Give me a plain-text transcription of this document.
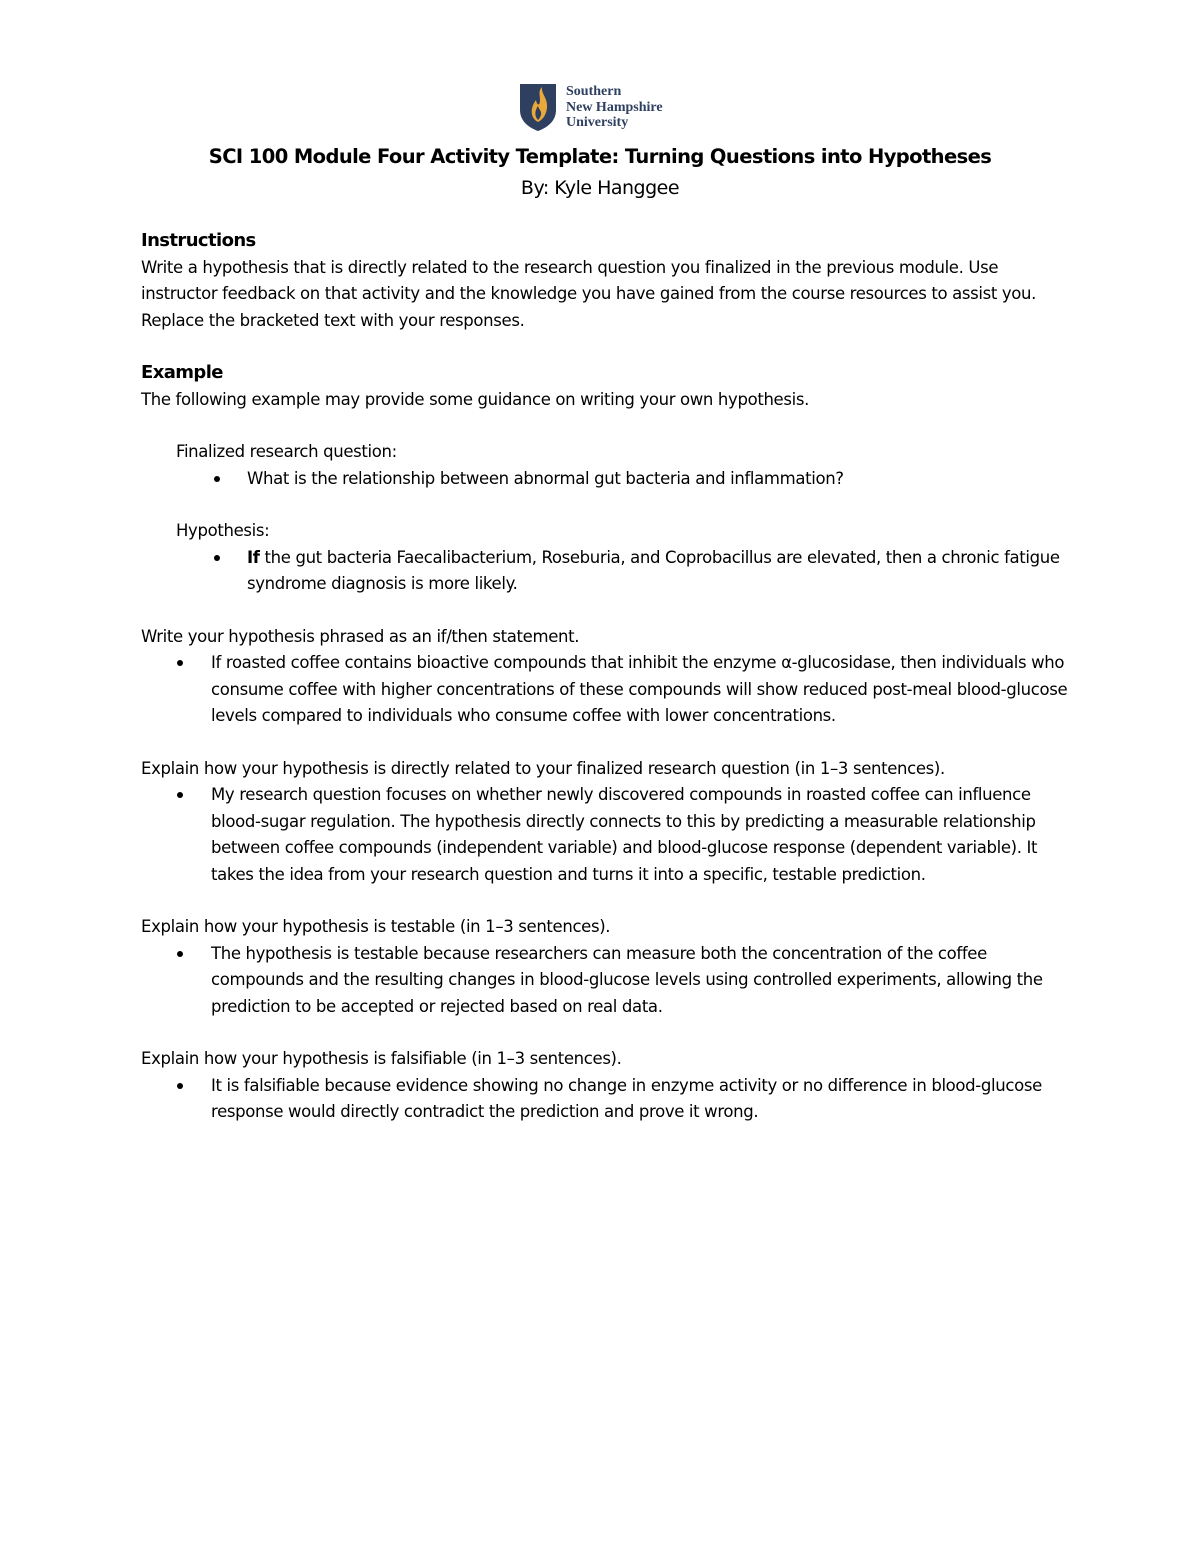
Southern
New Hampshire
University
SCI 100 Module Four Activity Template: Turning Questions into Hypotheses
By: Kyle Hanggee

Instructions

Write a hypothesis that is directly related to the research question you finalized in the previous module. Use instructor feedback on that activity and the knowledge you have gained from the course resources to assist you. Replace the bracketed text with your responses.

Example

The following example may provide some guidance on writing your own hypothesis.

Finalized research question:

What is the relationship between abnormal gut bacteria and inflammation?

Hypothesis:

If the gut bacteria Faecalibacterium, Roseburia, and Coprobacillus are elevated, then a chronic fatigue syndrome diagnosis is more likely.

Write your hypothesis phrased as an if/then statement.

If roasted coffee contains bioactive compounds that inhibit the enzyme α-glucosidase, then individuals who consume coffee with higher concentrations of these compounds will show reduced post-meal blood-glucose levels compared to individuals who consume coffee with lower concentrations.

Explain how your hypothesis is directly related to your finalized research question (in 1–3 sentences).

My research question focuses on whether newly discovered compounds in roasted coffee can influence blood-sugar regulation. The hypothesis directly connects to this by predicting a measurable relationship between coffee compounds (independent variable) and blood-glucose response (dependent variable). It takes the idea from your research question and turns it into a specific, testable prediction.

Explain how your hypothesis is testable (in 1–3 sentences).

The hypothesis is testable because researchers can measure both the concentration of the coffee compounds and the resulting changes in blood-glucose levels using controlled experiments, allowing the prediction to be accepted or rejected based on real data.

Explain how your hypothesis is falsifiable (in 1–3 sentences).

It is falsifiable because evidence showing no change in enzyme activity or no difference in blood-glucose response would directly contradict the prediction and prove it wrong.
